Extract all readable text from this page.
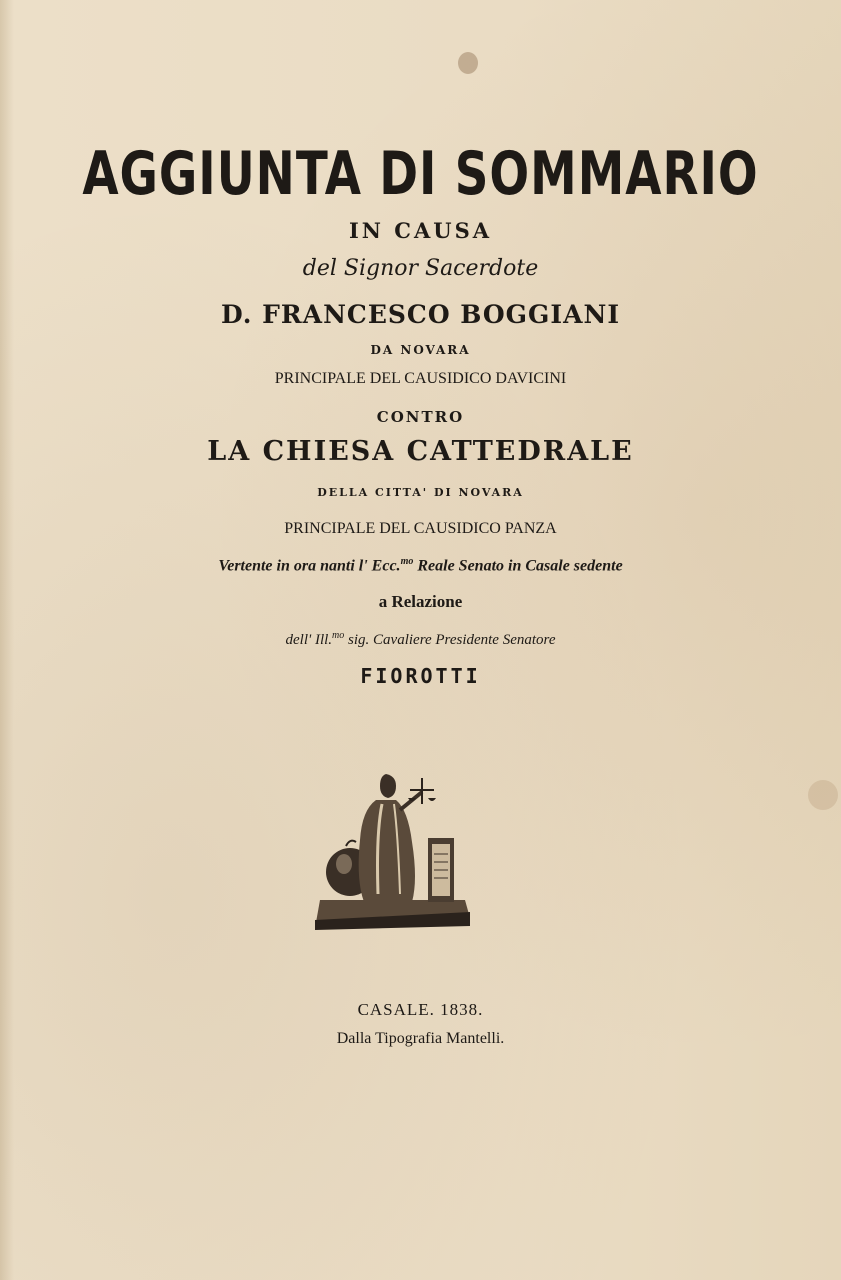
AGGIUNTA DI SOMMARIO
IN CAUSA
del Signor Sacerdote
D. FRANCESCO BOGGIANI
DA NOVARA
PRINCIPALE DEL CAUSIDICO DAVICINI
CONTRO
LA CHIESA CATTEDRALE
DELLA CITTA' DI NOVARA
PRINCIPALE DEL CAUSIDICO PANZA
Vertente in ora nanti l' Ecc.$^{mo}$ Reale Senato in Casale sedente
a Relazione
dell' Ill.$^{mo}$ sig. Cavaliere Presidente Senatore
FIOROTTI
CASALE. 1838.
Dalla Tipografia Mantelli.
